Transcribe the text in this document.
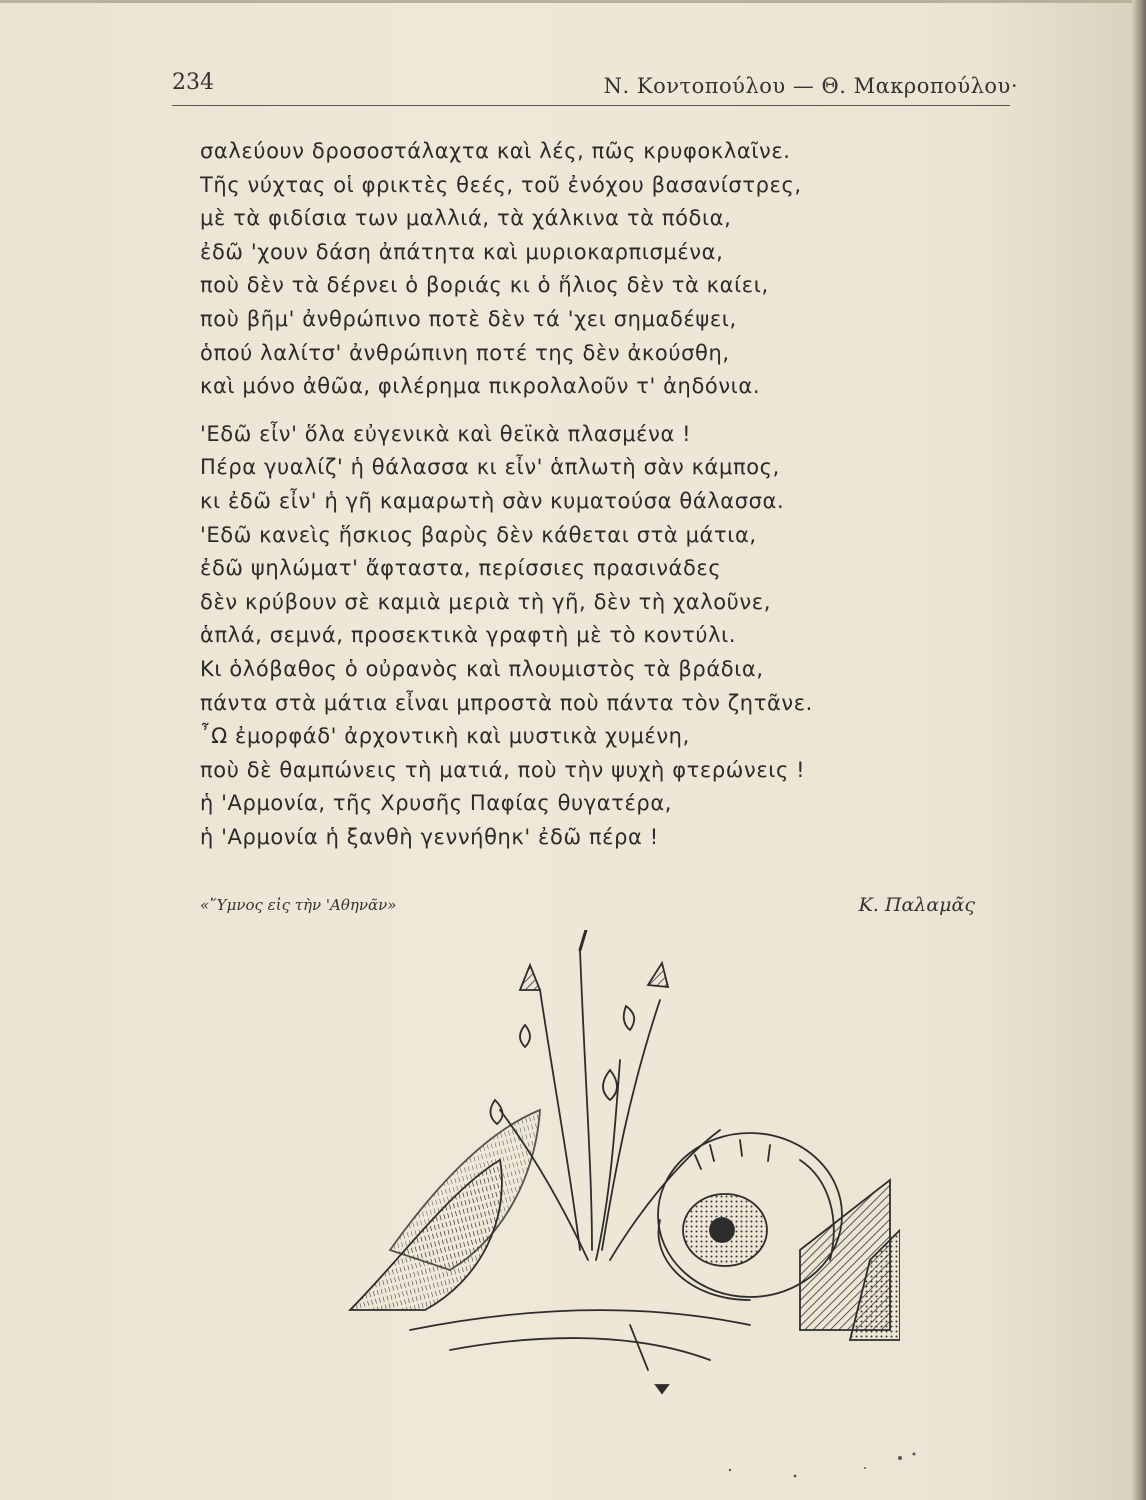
234	Ν. Κοντοπούλου — Θ. Μακροπούλου·
σαλεύουν δροσοστάλαχτα καὶ λές, πῶς κρυφοκλαῖνε.
Τῆς νύχτας οἱ φρικτὲς θεές, τοῦ ἐνόχου βασανίστρες,
μὲ τὰ φιδίσια των μαλλιά, τὰ χάλκινα τὰ πόδια,
ἐδῶ 'χουν δάση ἀπάτητα καὶ μυριοκαρπισμένα,
ποὺ δὲν τὰ δέρνει ὁ βοριάς κι ὁ ἥλιος δὲν τὰ καίει,
ποὺ βῆμ' ἀνθρώπινο ποτὲ δὲν τά 'χει σημαδέψει,
ὁπού λαλίτσ' ἀνθρώπινη ποτέ της δὲν ἀκούσθη,
καὶ μόνο ἀθῶα, φιλέρημα πικρολαλοῦν τ' ἀηδόνια.
'Εδῶ εἶν' ὅλα εὐγενικὰ καὶ θεϊκὰ πλασμένα !
Πέρα γυαλίζ' ἡ θάλασσα κι εἶν' ἁπλωτὴ σὰν κάμπος,
κι ἐδῶ εἶν' ἡ γῆ καμαρωτὴ σὰν κυματούσα θάλασσα.
'Εδῶ κανεὶς ἥσκιος βαρὺς δὲν κάθεται στὰ μάτια,
ἐδῶ ψηλώματ' ἄφταστα, περίσσιες πρασινάδες
δὲν κρύβουν σὲ καμιὰ μεριὰ τὴ γῆ, δὲν τὴ χαλοῦνε,
ἁπλά, σεμνά, προσεκτικὰ γραφτὴ μὲ τὸ κοντύλι.
Κι ὁλόβαθος ὁ οὐρανὸς καὶ πλουμιστὸς τὰ βράδια,
πάντα στὰ μάτια εἶναι μπροστὰ ποὺ πάντα τὸν ζητᾶνε.
῏Ω ἐμορφάδ' ἀρχοντικὴ καὶ μυστικὰ χυμένη,
ποὺ δὲ θαμπώνεις τὴ ματιά, ποὺ τὴν ψυχὴ φτερώνεις !
ἡ 'Αρμονία, τῆς Χρυσῆς Παφίας θυγατέρα,
ἡ 'Αρμονία ἡ ξανθὴ γεννήθηκ' ἐδῶ πέρα !
«῞Υμνος εἰς τὴν 'Αθηνᾶν»	Κ. Παλαμᾶς
